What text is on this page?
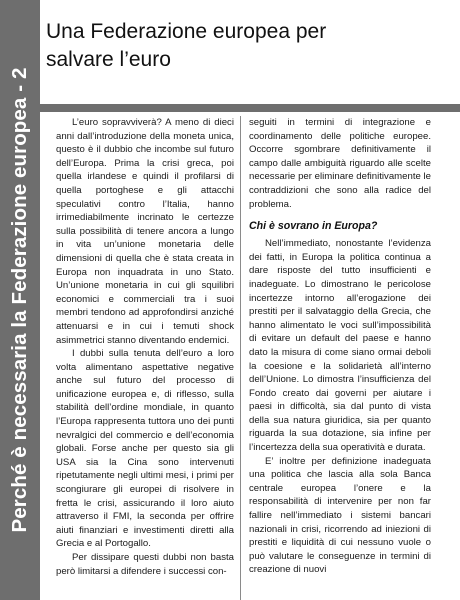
Perché è necessaria la Federazione europea - 2
Una Federazione europea per
salvare l’euro

L’euro sopravviverà? A meno di dieci anni dall’introduzione della moneta unica, questo è il dubbio che incombe sul futuro dell’Europa. Prima la crisi greca, poi quella irlandese e quindi il profilarsi di quella portoghese e gli attacchi speculativi contro l’Italia, hanno irrimediabilmente incrinato le certezze sulla possibilità di tenere ancora a lungo in vita un’unione monetaria delle dimensioni di quella che è stata creata in Europa non inquadrata in uno Stato. Un’unione monetaria in cui gli squilibri economici e commerciali tra i suoi membri tendono ad approfondirsi anziché attenuarsi e in cui i temuti shock asimmetrici stanno diventando endemici.

I dubbi sulla tenuta dell’euro a loro volta alimentano aspettative negative anche sul futuro del processo di unificazione europea e, di riflesso, sulla stabilità dell’ordine mondiale, in quanto l’Europa rappresenta tuttora uno dei punti nevralgici del commercio e dell’economia globali. Forse anche per questo sia gli USA sia la Cina sono intervenuti ripetutamente negli ultimi mesi, i primi per scongiurare gli europei di risolvere in fretta le crisi, assicurando il loro aiuto attraverso il FMI, la seconda per offrire aiuti finanziari e investimenti diretti alla Grecia e al Portogallo.

Per dissipare questi dubbi non basta però limitarsi a difendere i successi con-

seguiti in termini di integrazione e coordinamento delle politiche europee. Occorre sgombrare definitivamente il campo dalle ambiguità riguardo alle scelte necessarie per eliminare definitivamente le contraddizioni che sono alla radice del problema.

Chi è sovrano in Europa?

Nell’immediato, nonostante l’evidenza dei fatti, in Europa la politica continua a dare risposte del tutto insufficienti e inadeguate. Lo dimostrano le pericolose incertezze intorno all’erogazione dei prestiti per il salvataggio della Grecia, che hanno alimentato le voci sull’impossibilità di evitare un default del paese e hanno dato la misura di come siano ormai deboli la coesione e la solidarietà all’interno dell’Unione. Lo dimostra l’insufficienza del Fondo creato dai governi per aiutare i paesi in difficoltà, sia dal punto di vista della sua natura giuridica, sia per quanto riguarda la sua dotazione, sia infine per l’incertezza della sua operatività e durata.

E’ inoltre per definizione inadeguata una politica che lascia alla sola Banca centrale europea l’onere e la responsabilità di intervenire per non far fallire nell’immediato i sistemi bancari nazionali in crisi, ricorrendo ad iniezioni di prestiti e liquidità di cui nessuno vuole o può valutare le conseguenze in termini di creazione di nuovi
